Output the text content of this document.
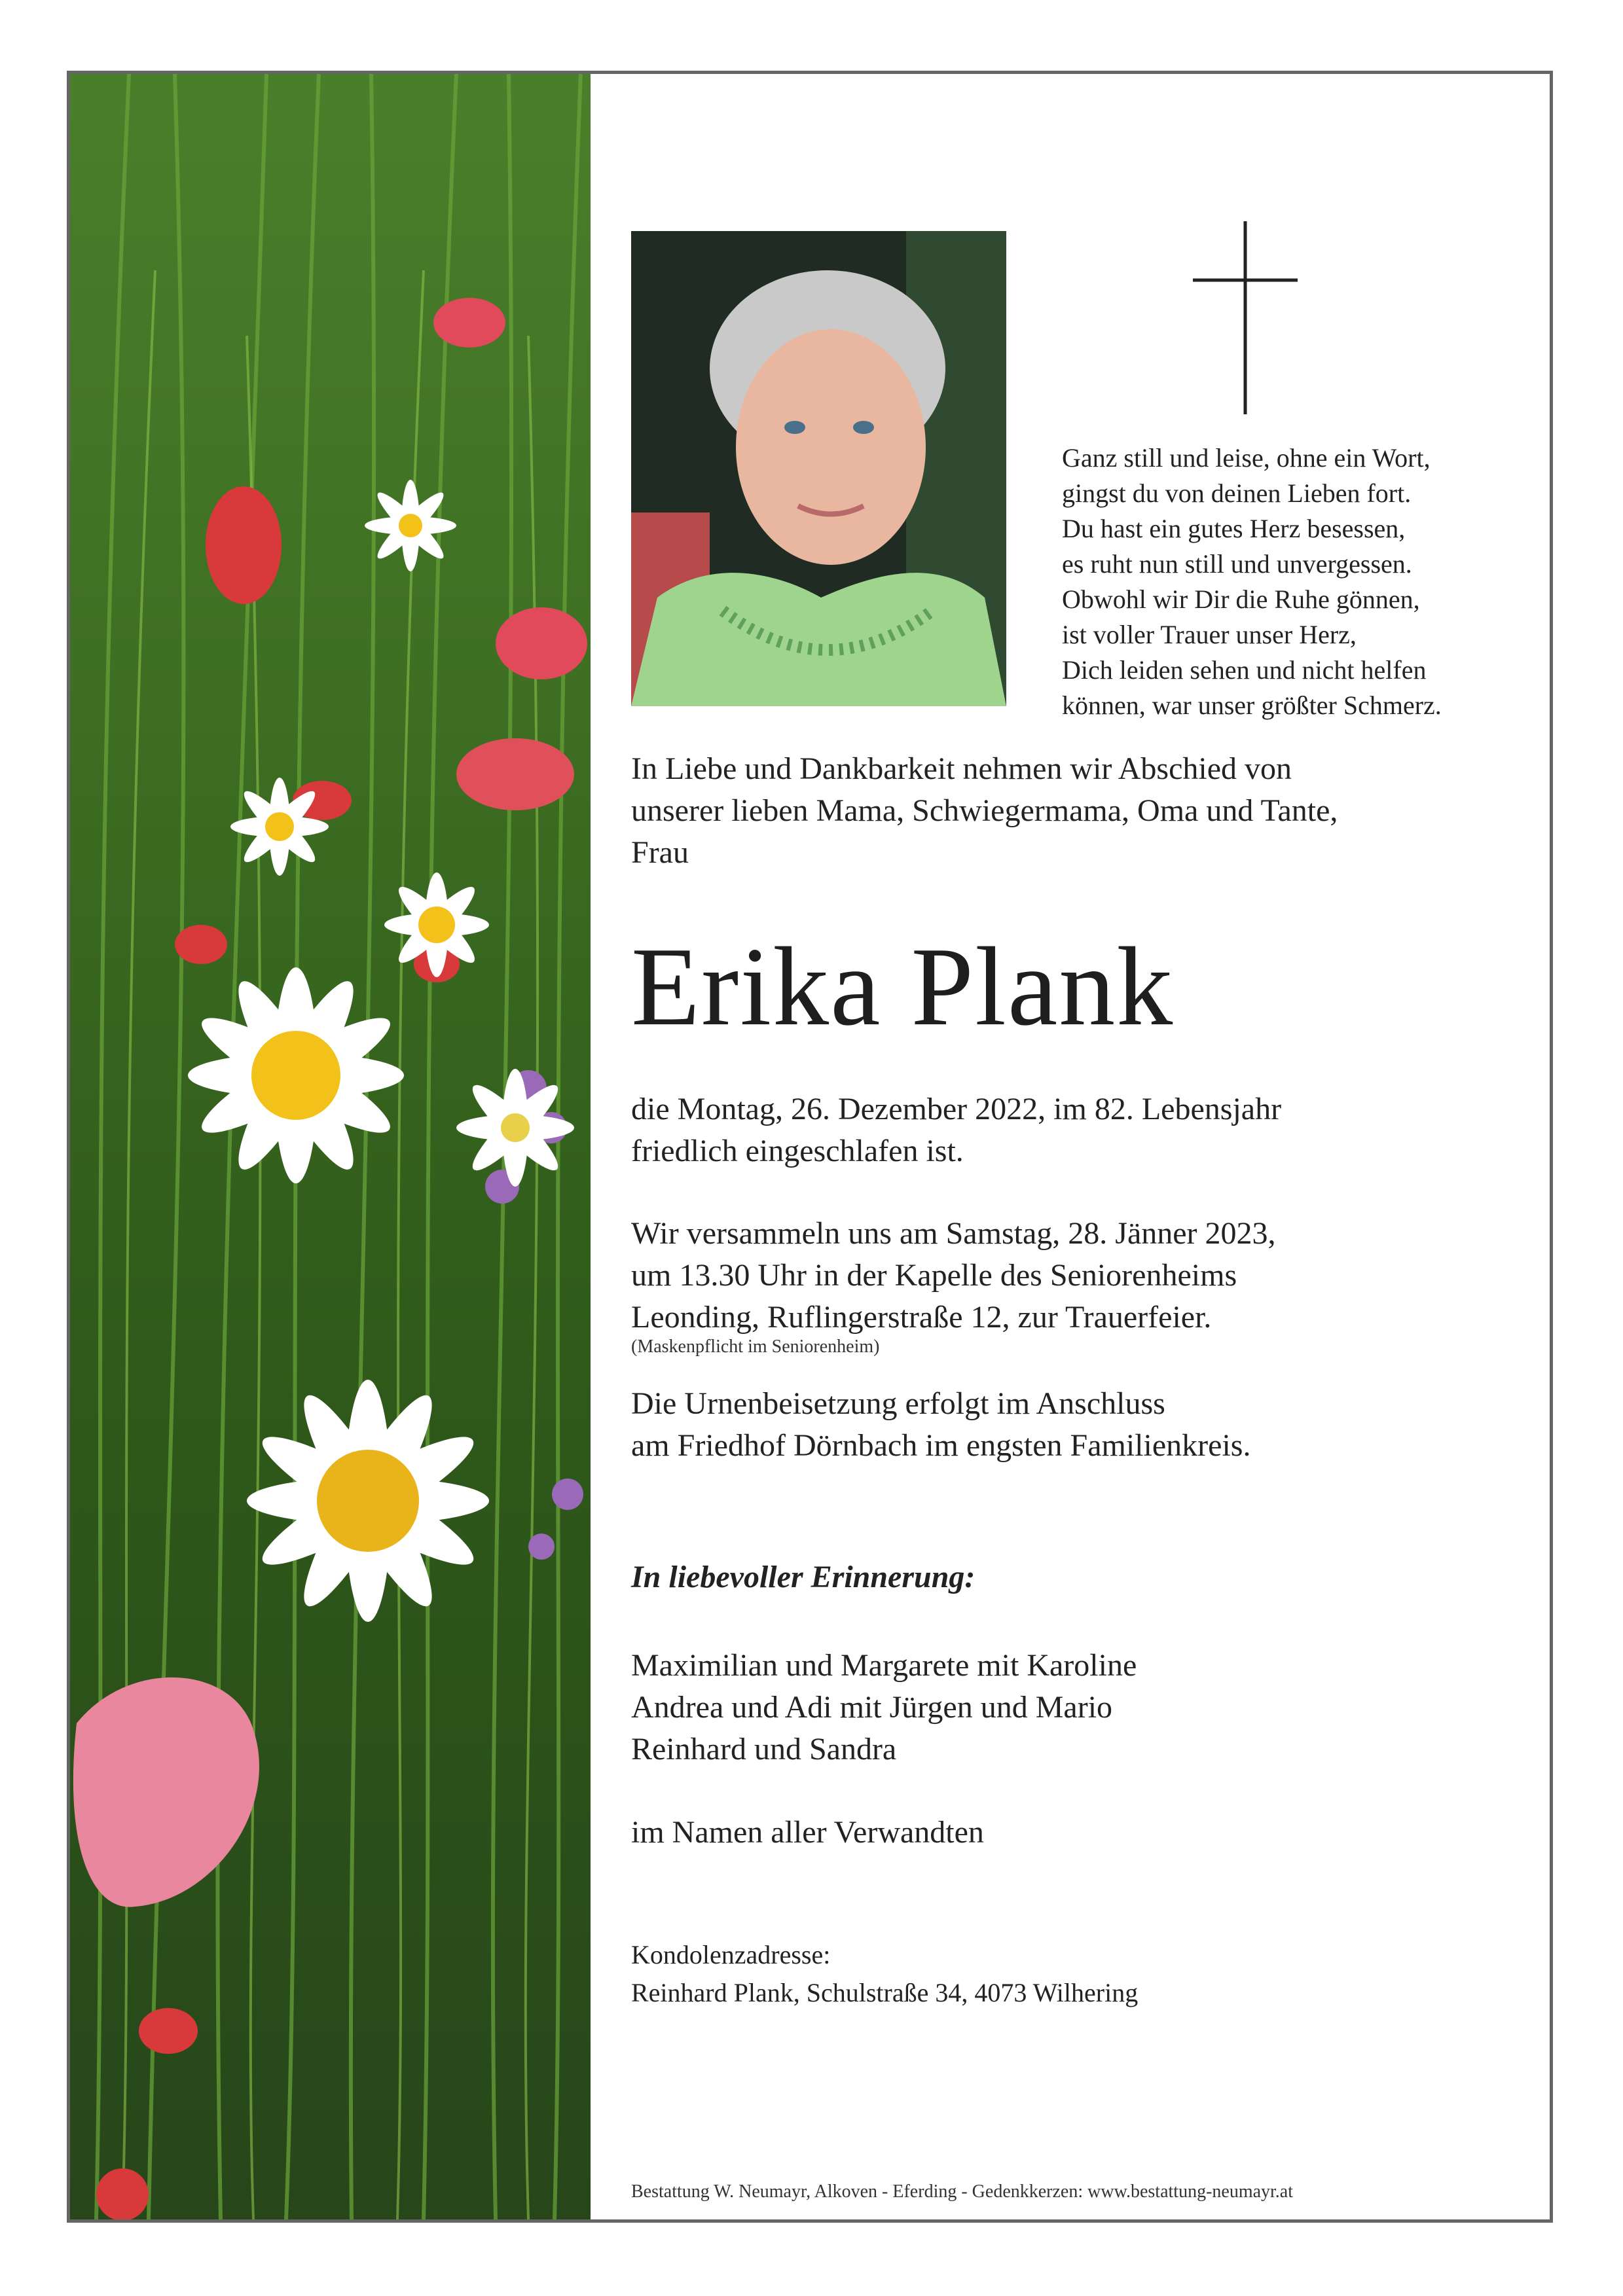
Ganz still und leise, ohne ein Wort,
gingst du von deinen Lieben fort.
Du hast ein gutes Herz besessen,
es ruht nun still und unvergessen.
Obwohl wir Dir die Ruhe gönnen,
ist voller Trauer unser Herz,
Dich leiden sehen und nicht helfen
können, war unser größter Schmerz.
In Liebe und Dankbarkeit nehmen wir Abschied von
unserer lieben Mama, Schwiegermama, Oma und Tante,
Frau
Erika Plank
die Montag, 26. Dezember 2022, im 82. Lebensjahr
friedlich eingeschlafen ist.
Wir versammeln uns am Samstag, 28. Jänner 2023,
um 13.30 Uhr in der Kapelle des Seniorenheims
Leonding, Ruflingerstraße 12, zur Trauerfeier.
(Maskenpflicht im Seniorenheim)
Die Urnenbeisetzung erfolgt im Anschluss
am Friedhof Dörnbach im engsten Familienkreis.
In liebevoller Erinnerung:
Maximilian und Margarete mit Karoline
Andrea und Adi mit Jürgen und Mario
Reinhard und Sandra
im Namen aller Verwandten
Kondolenzadresse:
Reinhard Plank, Schulstraße 34, 4073 Wilhering
Bestattung W. Neumayr, Alkoven - Eferding - Gedenkkerzen: www.bestattung-neumayr.at
